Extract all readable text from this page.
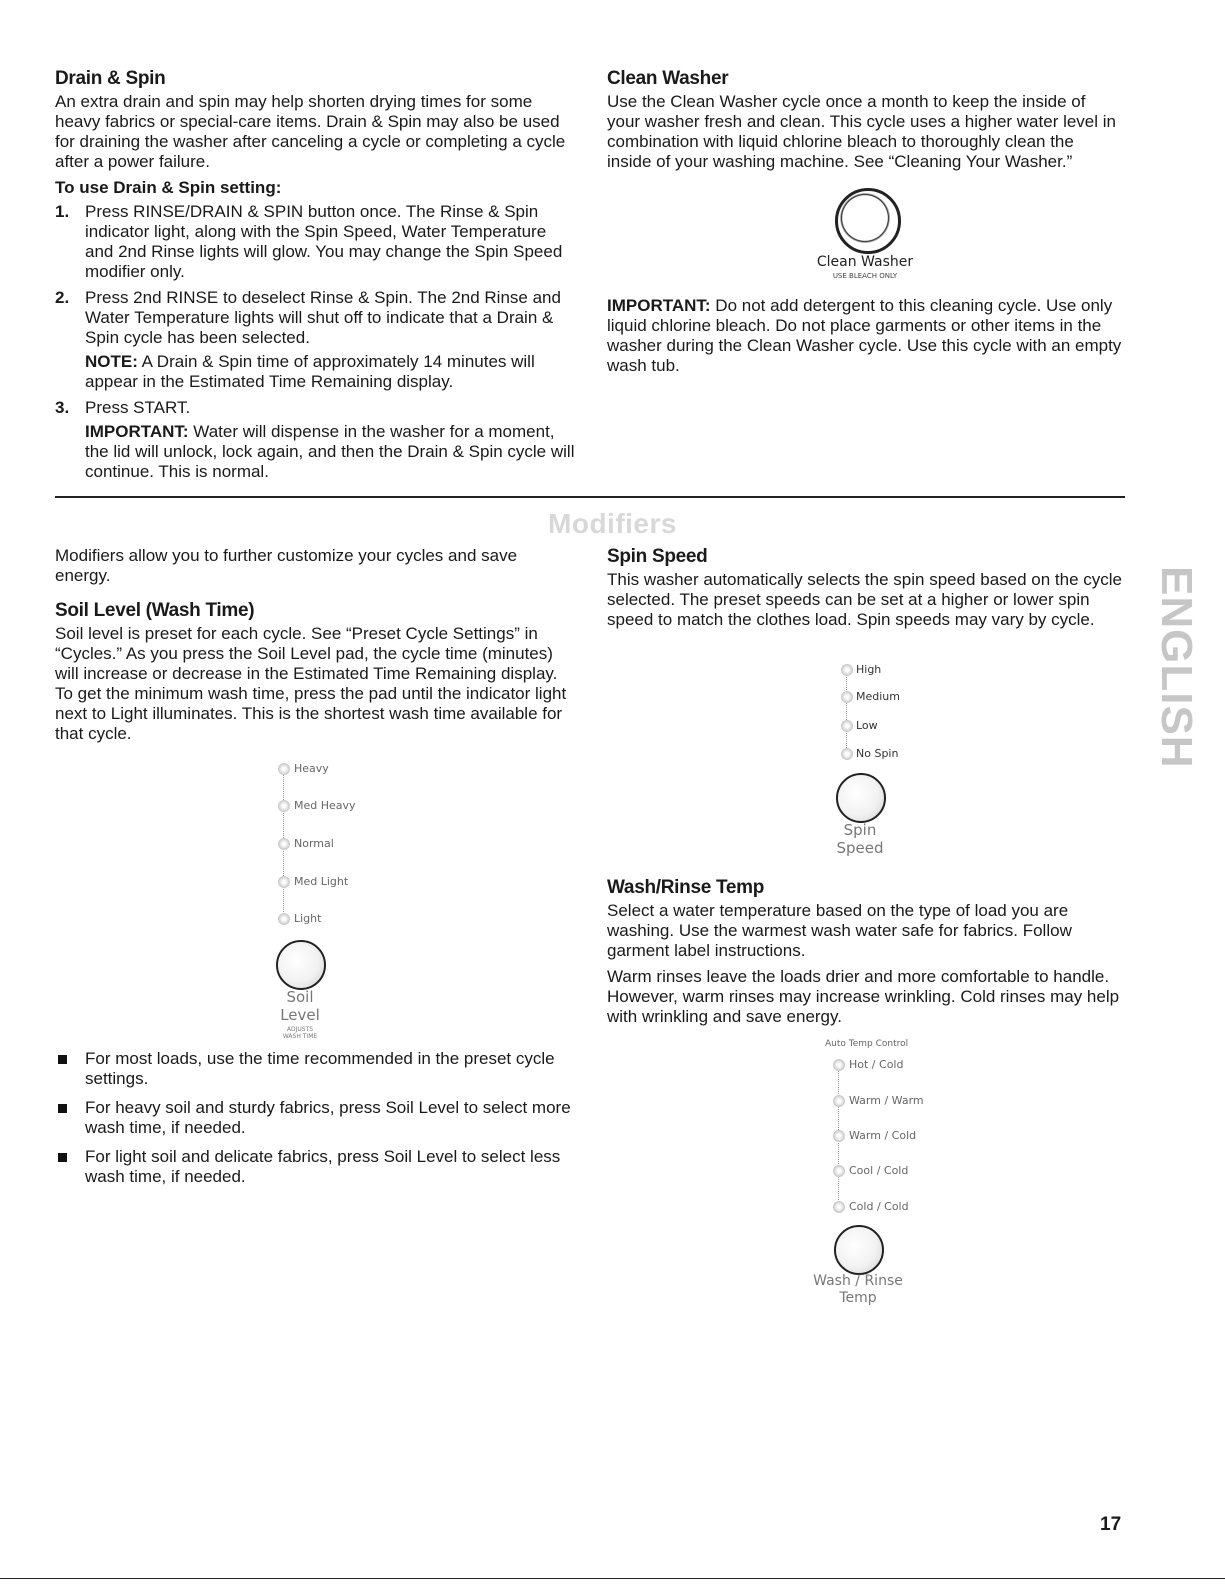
Drain & Spin

An extra drain and spin may help shorten drying times for some heavy fabrics or special-care items. Drain & Spin may also be used for draining the washer after canceling a cycle or completing a cycle after a power failure.

To use Drain & Spin setting:
1. Press RINSE/DRAIN & SPIN button once. The Rinse & Spin indicator light, along with the Spin Speed, Water Temperature and 2nd Rinse lights will glow. You may change the Spin Speed modifier only.
2. Press 2nd RINSE to deselect Rinse & Spin. The 2nd Rinse and Water Temperature lights will shut off to indicate that a Drain & Spin cycle has been selected.

NOTE: A Drain & Spin time of approximately 14 minutes will appear in the Estimated Time Remaining display.

3. Press START.

IMPORTANT: Water will dispense in the washer for a moment, the lid will unlock, lock again, and then the Drain & Spin cycle will continue. This is normal.

Clean Washer

Use the Clean Washer cycle once a month to keep the inside of your washer fresh and clean. This cycle uses a higher water level in combination with liquid chlorine bleach to thoroughly clean the inside of your washing machine. See “Cleaning Your Washer.”

Clean Washer
USE BLEACH ONLY

IMPORTANT: Do not add detergent to this cleaning cycle. Use only liquid chlorine bleach. Do not place garments or other items in the washer during the Clean Washer cycle. Use this cycle with an empty wash tub.

Modifiers

Modifiers allow you to further customize your cycles and save energy.

Soil Level (Wash Time)

Soil level is preset for each cycle. See “Preset Cycle Settings” in “Cycles.” As you press the Soil Level pad, the cycle time (minutes) will increase or decrease in the Estimated Time Remaining display. To get the minimum wash time, press the pad until the indicator light next to Light illuminates. This is the shortest wash time available for that cycle.

Heavy
Med Heavy
Normal
Med Light
Light
Soil
Level
ADJUSTS
WASH TIME
For most loads, use the time recommended in the preset cycle settings.
For heavy soil and sturdy fabrics, press Soil Level to select more wash time, if needed.
For light soil and delicate fabrics, press Soil Level to select less wash time, if needed.
Spin Speed

This washer automatically selects the spin speed based on the cycle selected. The preset speeds can be set at a higher or lower spin speed to match the clothes load. Spin speeds may vary by cycle.

High
Medium
Low
No Spin
Spin
Speed
Wash/Rinse Temp

Select a water temperature based on the type of load you are washing. Use the warmest wash water safe for fabrics. Follow garment label instructions.

Warm rinses leave the loads drier and more comfortable to handle. However, warm rinses may increase wrinkling. Cold rinses may help with wrinkling and save energy.

Auto Temp Control
Hot / Cold
Warm / Warm
Warm / Cold
Cool / Cold
Cold / Cold
Wash / Rinse
Temp
ENGLISH
17
